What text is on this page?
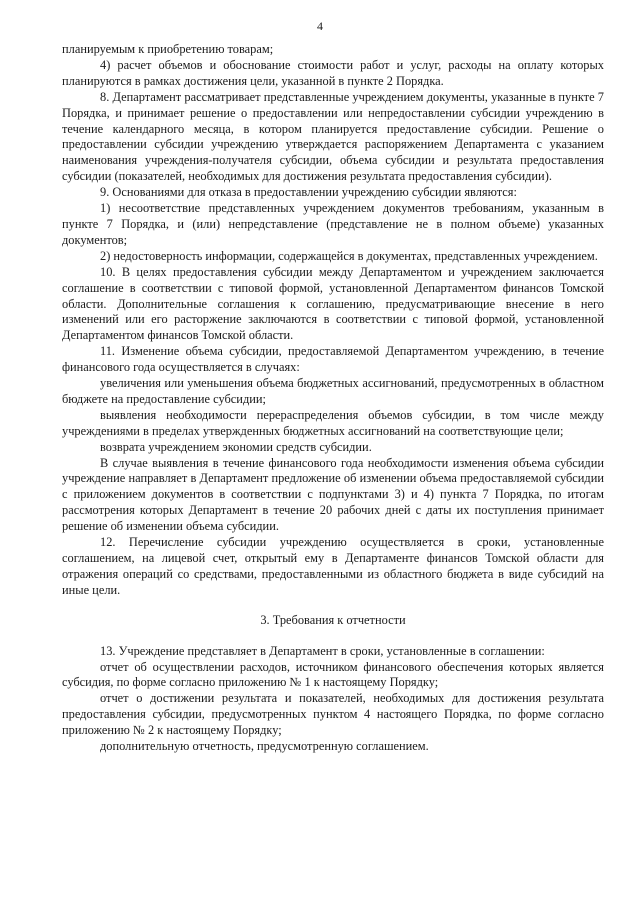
4

планируемым к приобретению товарам;

4) расчет объемов и обоснование стоимости работ и услуг, расходы на оплату которых планируются в рамках достижения цели, указанной в пункте 2 Порядка.

8. Департамент рассматривает представленные учреждением документы, указанные в пункте 7 Порядка, и принимает решение о предоставлении или непредоставлении субсидии учреждению в течение календарного месяца, в котором планируется предоставление субсидии. Решение о предоставлении субсидии учреждению утверждается распоряжением Департамента с указанием наименования учреждения-получателя субсидии, объема субсидии и результата предоставления субсидии (показателей, необходимых для достижения результата предоставления субсидии).

9. Основаниями для отказа в предоставлении учреждению субсидии являются:

1) несоответствие представленных учреждением документов требованиям, указанным в пункте 7 Порядка, и (или) непредставление (представление не в полном объеме) указанных документов;

2) недостоверность информации, содержащейся в документах, представленных учреждением.

10. В целях предоставления субсидии между Департаментом и учреждением заключается соглашение в соответствии с типовой формой, установленной Департаментом финансов Томской области. Дополнительные соглашения к соглашению, предусматривающие внесение в него изменений или его расторжение заключаются в соответствии с типовой формой, установленной Департаментом финансов Томской области.

11. Изменение объема субсидии, предоставляемой Департаментом учреждению, в течение финансового года осуществляется в случаях:

увеличения или уменьшения объема бюджетных ассигнований, предусмотренных в областном бюджете на предоставление субсидии;

выявления необходимости перераспределения объемов субсидии, в том числе между учреждениями в пределах утвержденных бюджетных ассигнований на соответствующие цели;

возврата учреждением экономии средств субсидии.

В случае выявления в течение финансового года необходимости изменения объема субсидии учреждение направляет в Департамент предложение об изменении объема предоставляемой субсидии с приложением документов в соответствии с подпунктами 3) и 4) пункта 7 Порядка, по итогам рассмотрения которых Департамент в течение 20 рабочих дней с даты их поступления принимает решение об изменении объема субсидии.

12. Перечисление субсидии учреждению осуществляется в сроки, установленные соглашением, на лицевой счет, открытый ему в Департаменте финансов Томской области для отражения операций со средствами, предоставленными из областного бюджета в виде субсидий на иные цели.

3. Требования к отчетности

13. Учреждение представляет в Департамент в сроки, установленные в соглашении:

отчет об осуществлении расходов, источником финансового обеспечения которых является субсидия, по форме согласно приложению № 1 к настоящему Порядку;

отчет о достижении результата и показателей, необходимых для достижения результата предоставления субсидии, предусмотренных пунктом 4 настоящего Порядка, по форме согласно приложению № 2 к настоящему Порядку;

дополнительную отчетность, предусмотренную соглашением.
